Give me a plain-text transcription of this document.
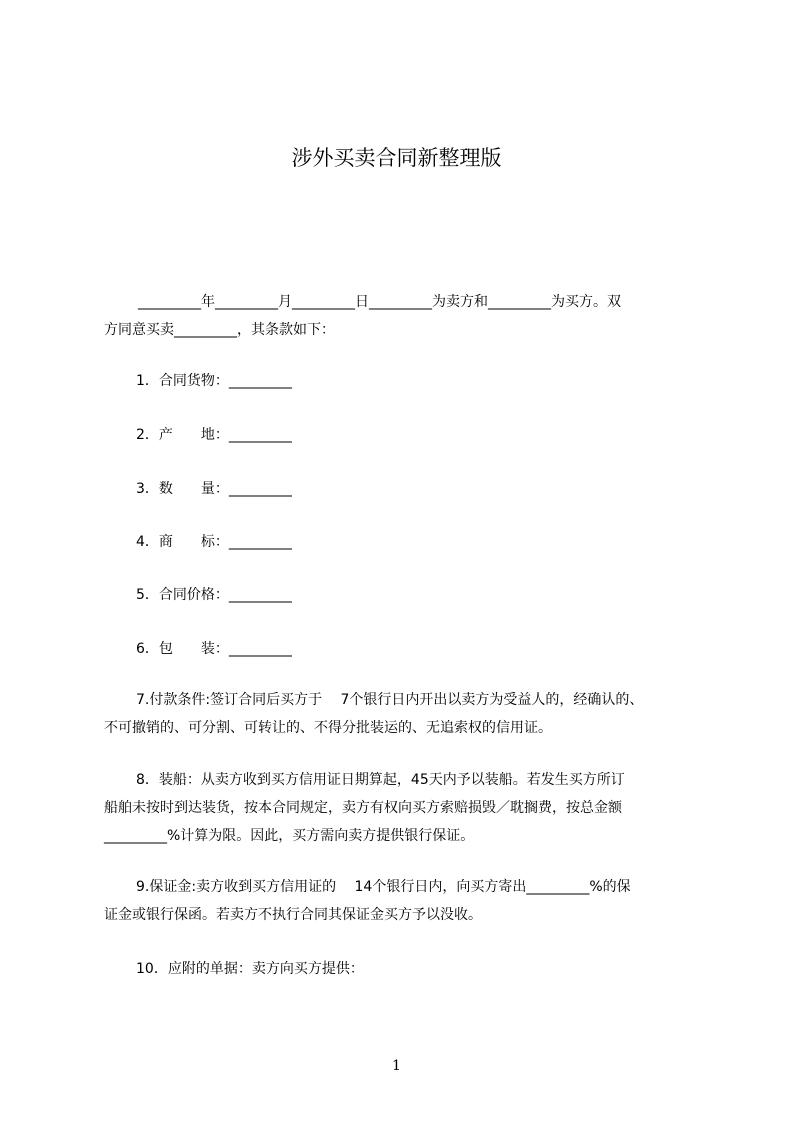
涉外买卖合同新整理版
_________年_________月_________日_________为卖方和_________为买方。双
方同意买卖_________，其条款如下：
1．合同货物：_________
2．产　　地：_________
3．数　　量：_________
4．商　　标：_________
5．合同价格：_________
6．包　　装：_________
7.付款条件:签订合同后买方于　 7个银行日内开出以卖方为受益人的，经确认的、
不可撤销的、可分割、可转让的、不得分批装运的、无追索权的信用证。
8．装船：从卖方收到买方信用证日期算起，45天内予以装船。若发生买方所订
船舶未按时到达装货，按本合同规定，卖方有权向买方索赔损毁／耽搁费，按总金额
_________%计算为限。因此，买方需向卖方提供银行保证。
9.保证金:卖方收到买方信用证的　 14个银行日内，向买方寄出_________%的保
证金或银行保函。若卖方不执行合同其保证金买方予以没收。
10．应附的单据：卖方向买方提供：
1
